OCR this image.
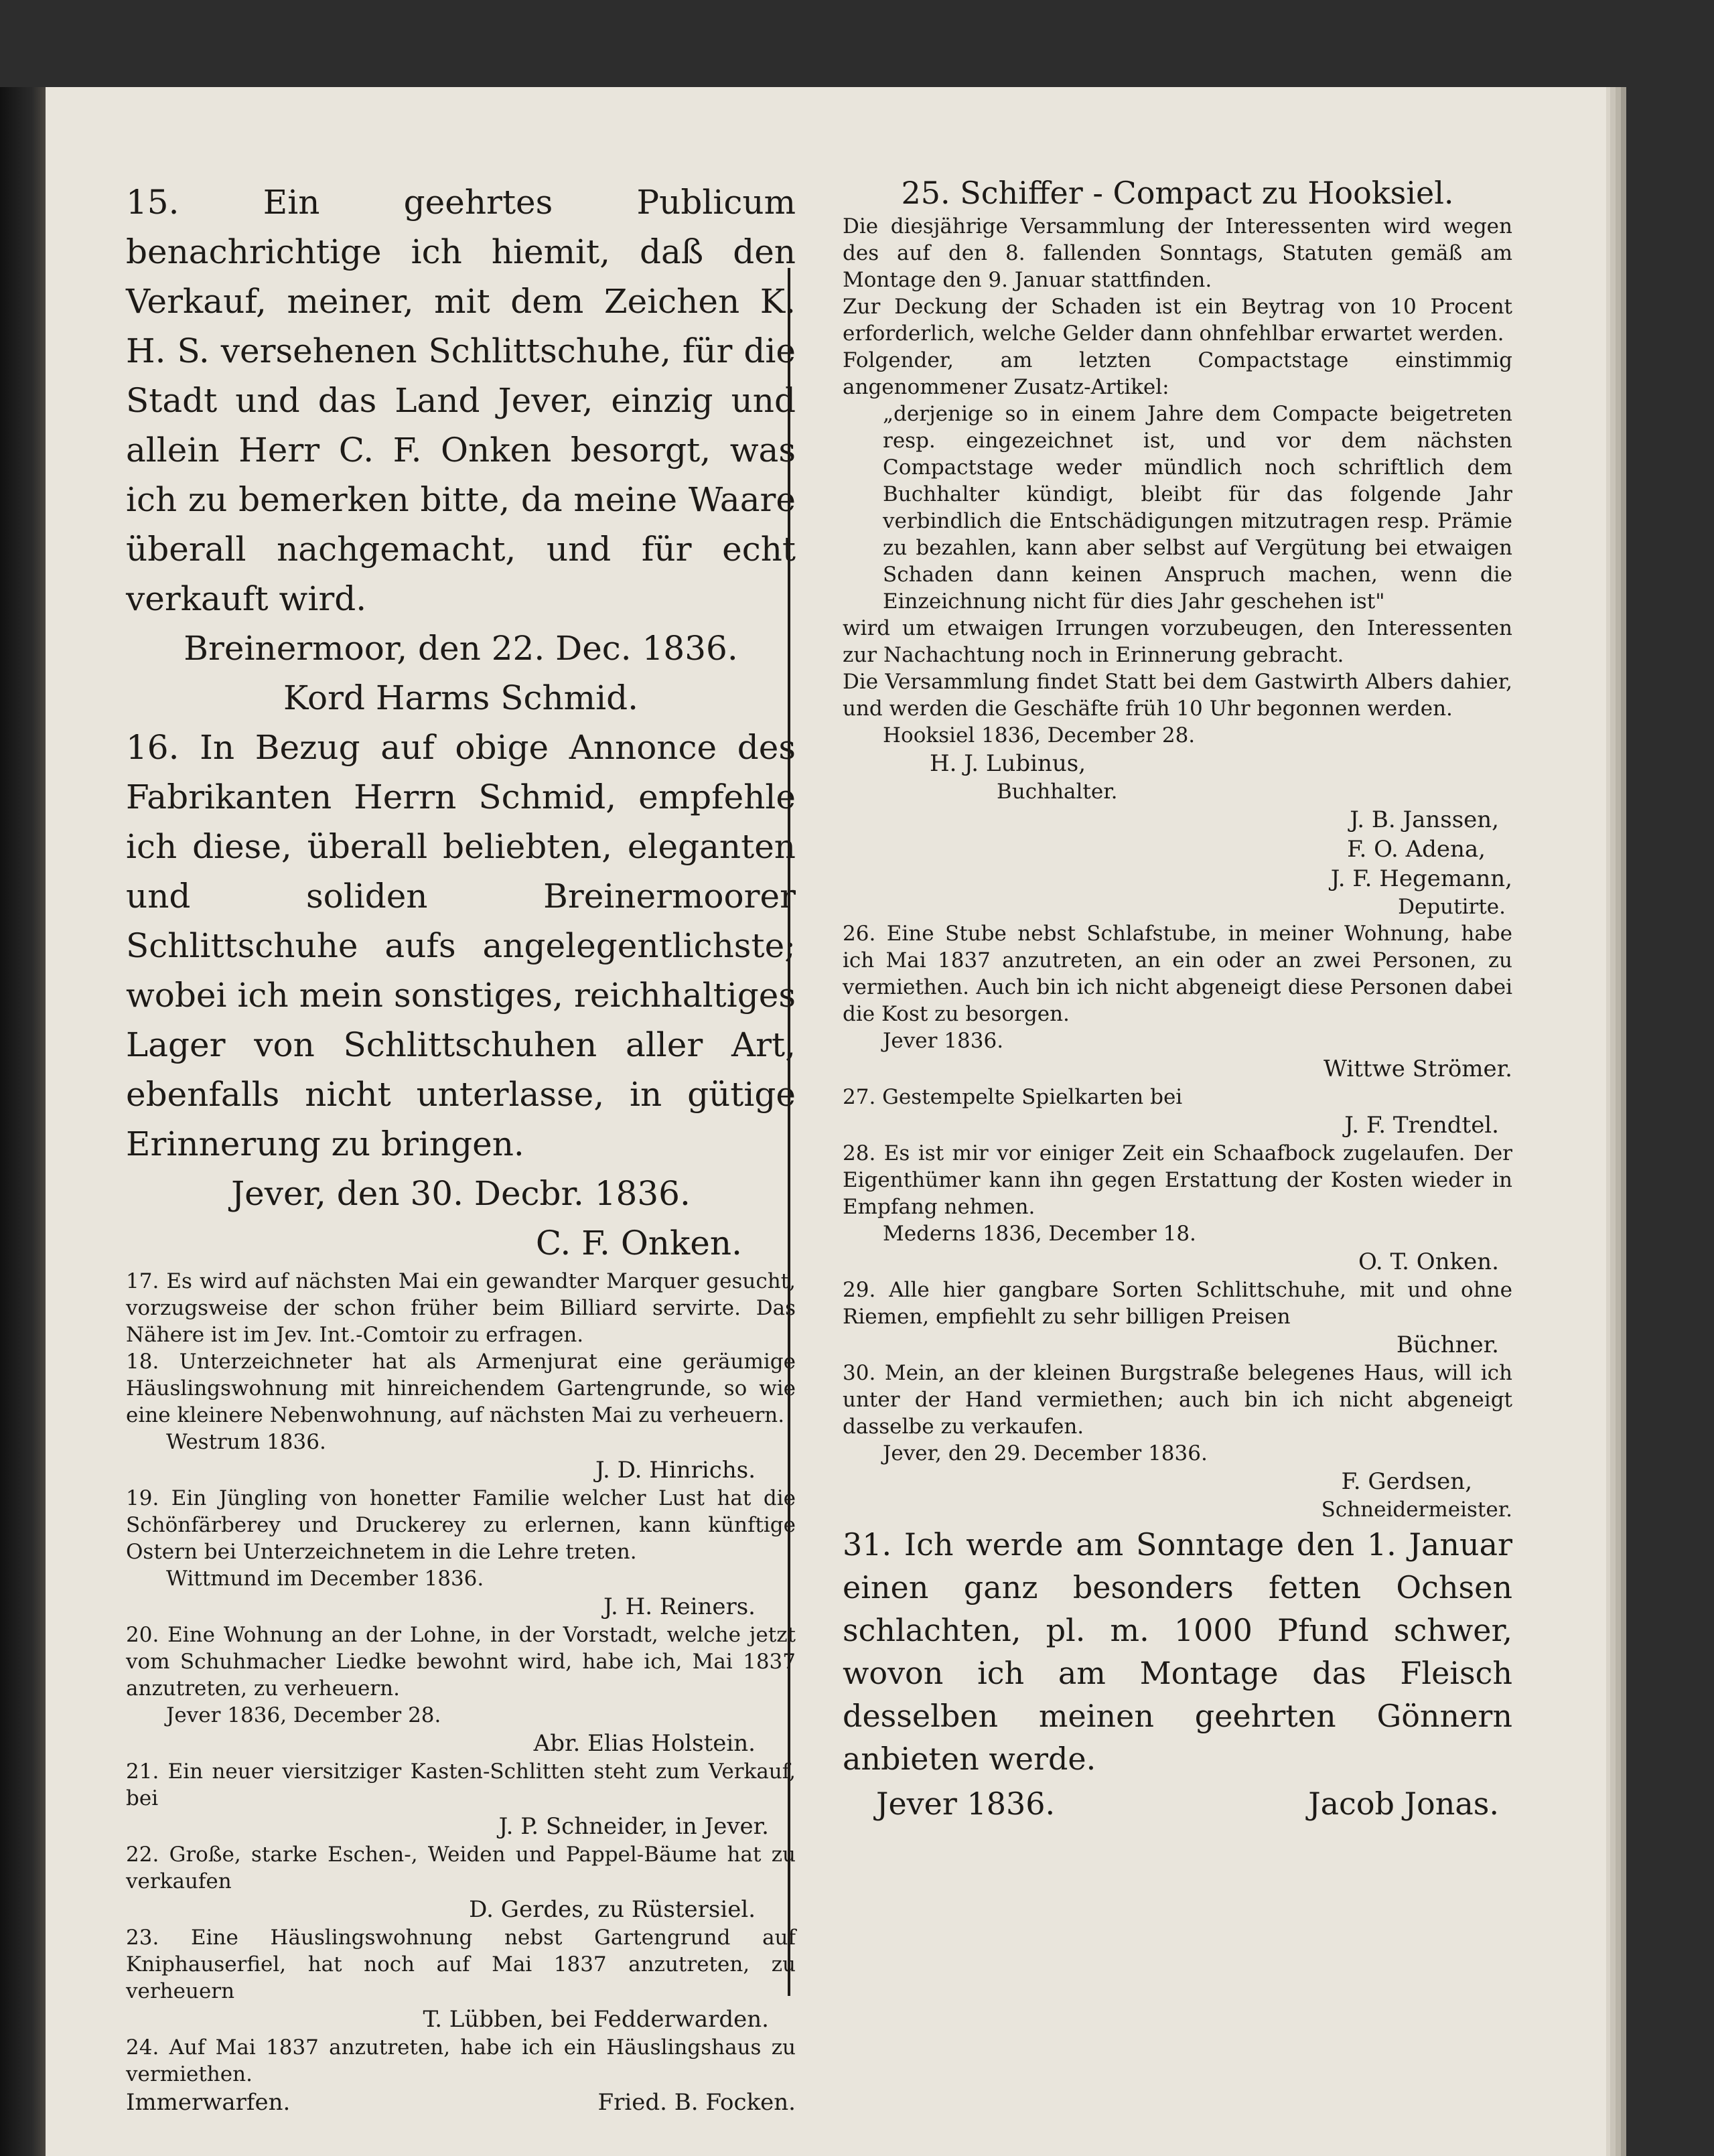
15. Ein geehrtes Publicum benachrichtige ich hiemit, daß den Verkauf, meiner, mit dem Zeichen K. H. S. versehenen Schlittschuhe, für die Stadt und das Land Jever, einzig und allein Herr C. F. Onken besorgt, was ich zu bemerken bitte, da meine Waare überall nachgemacht, und für echt verkauft wird.

Breinermoor, den 22. Dec. 1836.

Kord Harms Schmid.

16. In Bezug auf obige Annonce des Fabrikanten Herrn Schmid, empfehle ich diese, überall beliebten, eleganten und soliden Breinermoorer Schlittschuhe aufs angelegentlichste; wobei ich mein sonstiges, reichhaltiges Lager von Schlittschuhen aller Art, ebenfalls nicht unterlasse, in gütige Erinnerung zu bringen.

Jever, den 30. Decbr. 1836.

C. F. Onken.

17. Es wird auf nächsten Mai ein gewandter Marquer gesucht, vorzugsweise der schon früher beim Billiard servirte. Das Nähere ist im Jev. Int.-Comtoir zu erfragen.

18. Unterzeichneter hat als Armenjurat eine geräumige Häuslingswohnung mit hinreichendem Gartengrunde, so wie eine kleinere Nebenwohnung, auf nächsten Mai zu verheuern.

Westrum 1836.

J. D. Hinrichs.

19. Ein Jüngling von honetter Familie welcher Lust hat die Schönfärberey und Druckerey zu erlernen, kann künftige Ostern bei Unterzeichnetem in die Lehre treten.

Wittmund im December 1836.

J. H. Reiners.

20. Eine Wohnung an der Lohne, in der Vorstadt, welche jetzt vom Schuhmacher Liedke bewohnt wird, habe ich, Mai 1837 anzutreten, zu verheuern.

Jever 1836, December 28.

Abr. Elias Holstein.

21. Ein neuer viersitziger Kasten-Schlitten steht zum Verkauf, bei

J. P. Schneider, in Jever.

22. Große, starke Eschen-, Weiden und Pappel-Bäume hat zu verkaufen

D. Gerdes, zu Rüstersiel.

23. Eine Häuslingswohnung nebst Gartengrund auf Kniphauserfiel, hat noch auf Mai 1837 anzutreten, zu verheuern

T. Lübben, bei Fedderwarden.

24. Auf Mai 1837 anzutreten, habe ich ein Häuslingshaus zu vermiethen.

Immerwarfen.	Fried. B. Focken.

25. Schiffer - Compact zu Hooksiel.

Die diesjährige Versammlung der Interessenten wird wegen des auf den 8. fallenden Sonntags, Statuten gemäß am Montage den 9. Januar stattfinden.

Zur Deckung der Schaden ist ein Beytrag von 10 Procent erforderlich, welche Gelder dann ohnfehlbar erwartet werden.

Folgender, am letzten Compactstage einstimmig angenommener Zusatz-Artikel:

„derjenige so in einem Jahre dem Compacte beigetreten resp. eingezeichnet ist, und vor dem nächsten Compactstage weder mündlich noch schriftlich dem Buchhalter kündigt, bleibt für das folgende Jahr verbindlich die Entschädigungen mitzutragen resp. Prämie zu bezahlen, kann aber selbst auf Vergütung bei etwaigen Schaden dann keinen Anspruch machen, wenn die Einzeichnung nicht für dies Jahr geschehen ist"

wird um etwaigen Irrungen vorzubeugen, den Interessenten zur Nachachtung noch in Erinnerung gebracht.

Die Versammlung findet Statt bei dem Gastwirth Albers dahier, und werden die Geschäfte früh 10 Uhr begonnen werden.

Hooksiel 1836, December 28.

H. J. Lubinus,

Buchhalter.

J. B. Janssen,

F. O. Adena,

J. F. Hegemann,

Deputirte.

26. Eine Stube nebst Schlafstube, in meiner Wohnung, habe ich Mai 1837 anzutreten, an ein oder an zwei Personen, zu vermiethen. Auch bin ich nicht abgeneigt diese Personen dabei die Kost zu besorgen.

Jever 1836.

Wittwe Strömer.

27. Gestempelte Spielkarten bei

J. F. Trendtel.

28. Es ist mir vor einiger Zeit ein Schaafbock zugelaufen. Der Eigenthümer kann ihn gegen Erstattung der Kosten wieder in Empfang nehmen.

Mederns 1836, December 18.

O. T. Onken.

29. Alle hier gangbare Sorten Schlittschuhe, mit und ohne Riemen, empfiehlt zu sehr billigen Preisen

Büchner.

30. Mein, an der kleinen Burgstraße belegenes Haus, will ich unter der Hand vermiethen; auch bin ich nicht abgeneigt dasselbe zu verkaufen.

Jever, den 29. December 1836.

F. Gerdsen,

Schneidermeister.

31. Ich werde am Sonntage den 1. Januar einen ganz besonders fetten Ochsen schlachten, pl. m. 1000 Pfund schwer, wovon ich am Montage das Fleisch desselben meinen geehrten Gönnern anbieten werde.

Jever 1836.	Jacob Jonas.
